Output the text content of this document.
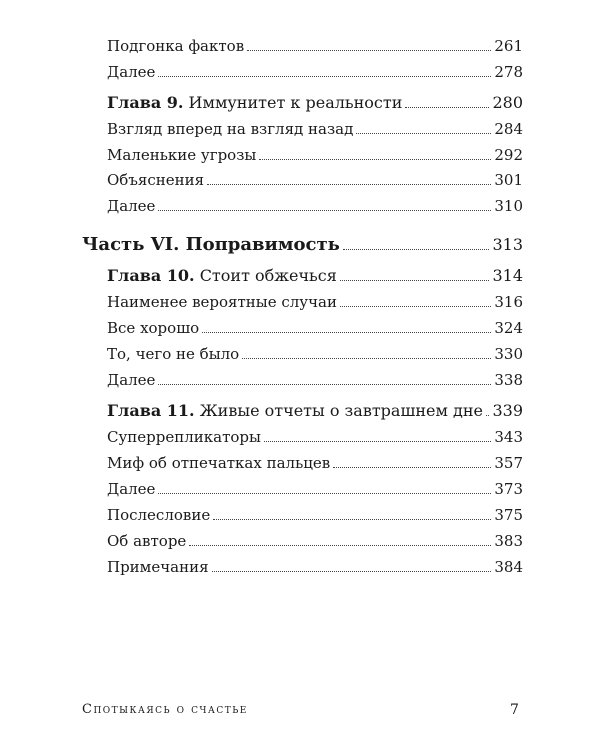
Подгонка фактов	261
Далее	278
Глава 9. Иммунитет к реальности	280
Взгляд вперед на взгляд назад	284
Маленькие угрозы	292
Объяснения	301
Далее	310
Часть VI. Поправимость	313
Глава 10. Стоит обжечься	314
Наименее вероятные случаи	316
Все хорошо	324
То, чего не было	330
Далее	338
Глава 11. Живые отчеты о завтрашнем дне 339
Суперрепликаторы	343
Миф об отпечатках пальцев	357
Далее	373
Послесловие	375
Об авторе	383
Примечания	384
Спотыкаясь о счастье	7
